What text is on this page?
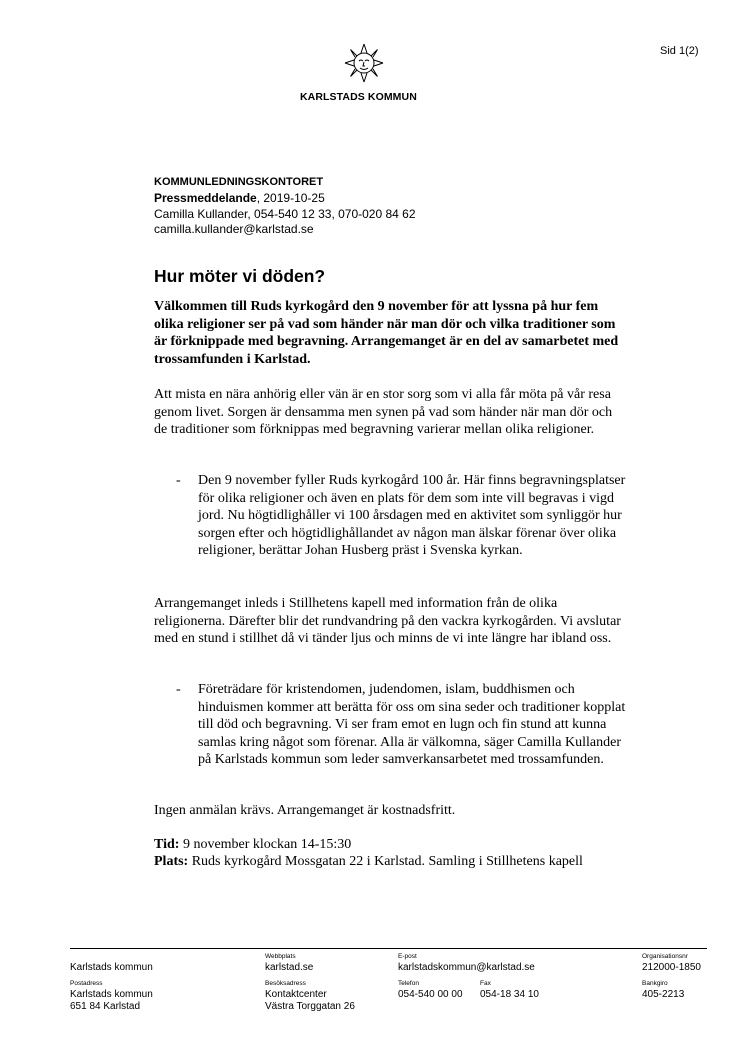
Sid 1(2)
KARLSTADS KOMMUN
KOMMUNLEDNINGSKONTORET
Pressmeddelande, 2019-10-25
Camilla Kullander, 054-540 12 33, 070-020 84 62
camilla.kullander@karlstad.se
Hur möter vi döden?

Välkommen till Ruds kyrkogård den 9 november för att lyssna på hur fem olika religioner ser på vad som händer när man dör och vilka traditioner som är förknippade med begravning. Arrangemanget är en del av samarbetet med trossamfunden i Karlstad.

Att mista en nära anhörig eller vän är en stor sorg som vi alla får möta på vår resa genom livet. Sorgen är densamma men synen på vad som händer när man dör och de traditioner som förknippas med begravning varierar mellan olika religioner.

- Den 9 november fyller Ruds kyrkogård 100 år. Här finns begravningsplatser för olika religioner och även en plats för dem som inte vill begravas i vigd jord. Nu högtidlighåller vi 100 årsdagen med en aktivitet som synliggör hur sorgen efter och högtidlighållandet av någon man älskar förenar över olika religioner, berättar Johan Husberg präst i Svenska kyrkan.

Arrangemanget inleds i Stillhetens kapell med information från de olika religionerna. Därefter blir det rundvandring på den vackra kyrkogården. Vi avslutar med en stund i stillhet då vi tänder ljus och minns de vi inte längre har ibland oss.

- Företrädare för kristendomen, judendomen, islam, buddhismen och hinduismen kommer att berätta för oss om sina seder och traditioner kopplat till död och begravning. Vi ser fram emot en lugn och fin stund att kunna samlas kring något som förenar. Alla är välkomna, säger Camilla Kullander på Karlstads kommun som leder samverkansarbetet med trossamfunden.

Ingen anmälan krävs. Arrangemanget är kostnadsfritt.

Tid: 9 november klockan 14-15:30
Plats: Ruds kyrkogård Mossgatan 22 i Karlstad. Samling i Stillhetens kapell
Karlstads kommun
Postadress
Karlstads kommun
651 84 Karlstad
Webbplats
karlstad.se
Besöksadress
Kontaktcenter
Västra Torggatan 26
E-post
karlstadskommun@karlstad.se
Telefon
054-540 00 00
Fax
054-18 34 10
Organisationsnr
212000-1850
Bankgiro
405-2213
